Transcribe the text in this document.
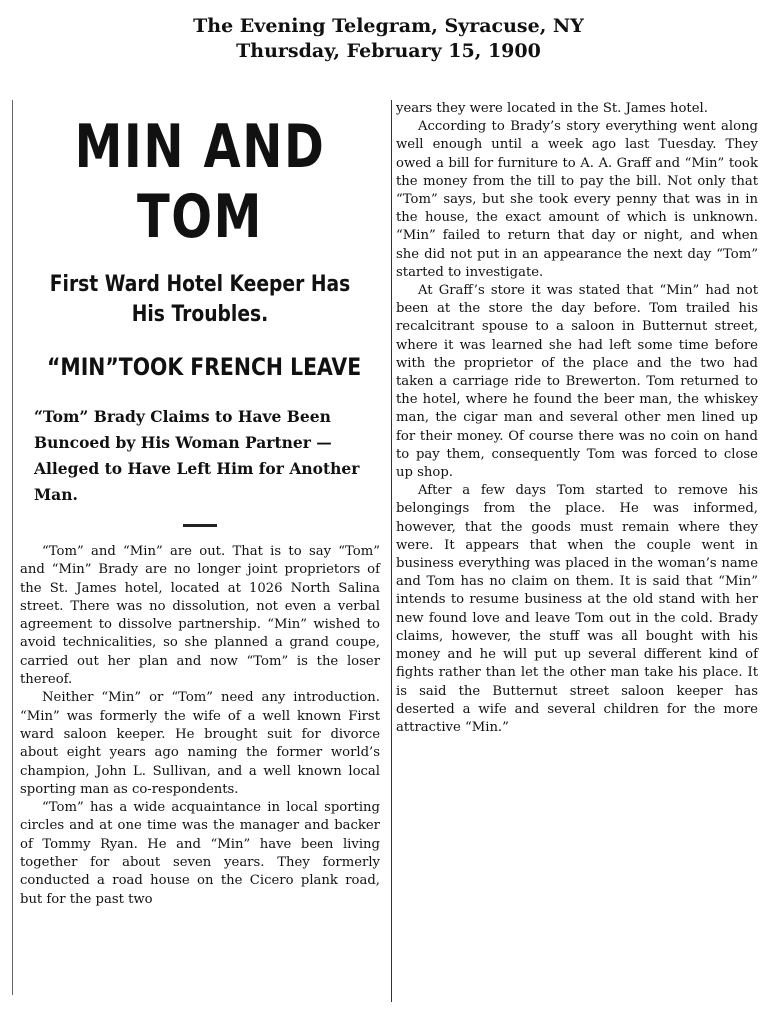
The Evening Telegram, Syracuse, NY
Thursday, February 15, 1900
MIN AND TOM
First Ward Hotel Keeper Has His Troubles.
“MIN”TOOK FRENCH LEAVE
“Tom” Brady Claims to Have Been Buncoed by His Woman Partner —Alleged to Have Left Him for Another Man.

“Tom” and “Min” are out. That is to say “Tom” and “Min” Brady are no longer joint proprietors of the St. James hotel, located at 1026 North Salina street. There was no dissolution, not even a verbal agreement to dissolve partnership. “Min” wished to avoid technicalities, so she planned a grand coupe, carried out her plan and now “Tom” is the loser thereof.

Neither “Min” or “Tom” need any introduction. “Min” was formerly the wife of a well known First ward saloon keeper. He brought suit for divorce about eight years ago naming the former world’s champion, John L. Sullivan, and a well known local sporting man as co-respondents.

“Tom” has a wide acquaintance in local sporting circles and at one time was the manager and backer of Tommy Ryan. He and “Min” have been living together for about seven years. They formerly conducted a road house on the Cicero plank road, but for the past two

years they were located in the St. James hotel.

According to Brady’s story everything went along well enough until a week ago last Tuesday. They owed a bill for furniture to A. A. Graff and “Min” took the money from the till to pay the bill. Not only that “Tom” says, but she took every penny that was in in the house, the exact amount of which is unknown. “Min” failed to return that day or night, and when she did not put in an appearance the next day “Tom” started to investigate.

At Graff’s store it was stated that “Min” had not been at the store the day before. Tom trailed his recalcitrant spouse to a saloon in Butternut street, where it was learned she had left some time before with the proprietor of the place and the two had taken a carriage ride to Brewerton. Tom returned to the hotel, where he found the beer man, the whiskey man, the cigar man and several other men lined up for their money. Of course there was no coin on hand to pay them, consequently Tom was forced to close up shop.

After a few days Tom started to remove his belongings from the place. He was informed, however, that the goods must remain where they were. It appears that when the couple went in business everything was placed in the woman’s name and Tom has no claim on them. It is said that “Min” intends to resume business at the old stand with her new found love and leave Tom out in the cold. Brady claims, however, the stuff was all bought with his money and he will put up several different kind of fights rather than let the other man take his place. It is said the Butternut street saloon keeper has deserted a wife and several children for the more attractive “Min.”
